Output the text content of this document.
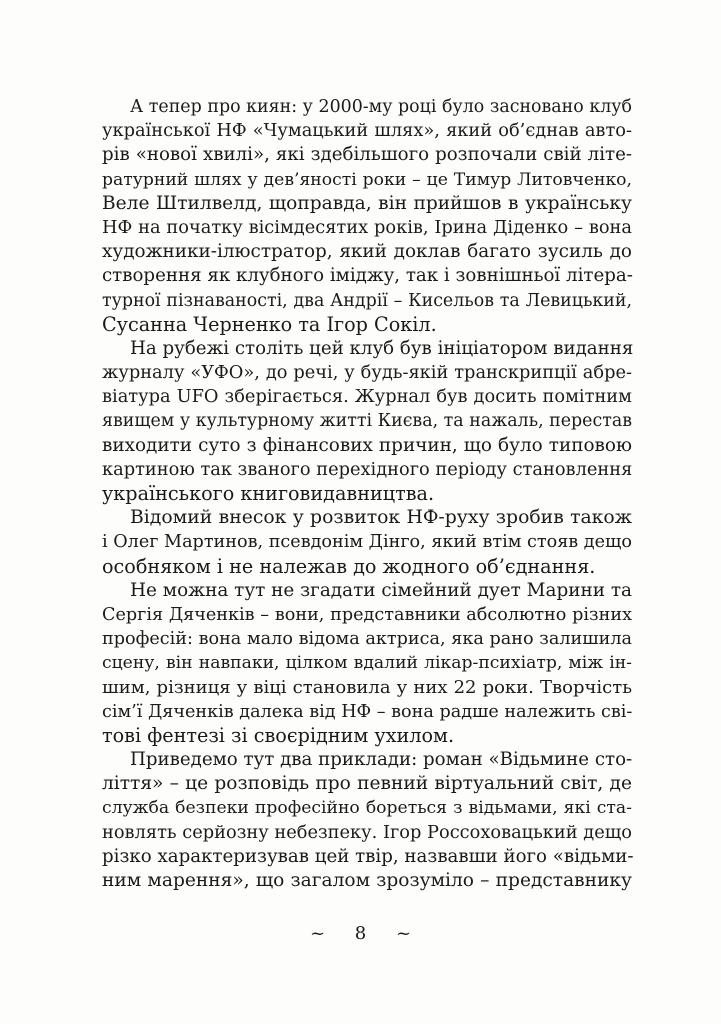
А тепер про киян: у 2000-му році було засновано клуб
української НФ «Чумацький шлях», який об’єднав авто-
рів «нової хвилі», які здебільшого розпочали свій літе-
ратурний шлях у дев’яності роки – це Тимур Литовченко,
Веле Штилвелд, щоправда, він прийшов в українську
НФ на початку вісімдесятих років, Ірина Діденко – вона
художники-ілюстратор, який доклав багато зусиль до
створення як клубного іміджу, так і зовнішньої літера-
турної пізнаваності, два Андрії – Кисельов та Левицький,
Сусанна Черненко та Ігор Сокіл.
На рубежі століть цей клуб був ініціатором видання
журналу «УФО», до речі, у будь-якій транскрипції абре-
віатура UFO зберігається. Журнал був досить помітним
явищем у культурному житті Києва, та нажаль, перестав
виходити суто з фінансових причин, що було типовою
картиною так званого перехідного періоду становлення
українського книговидавництва.
Відомий внесок у розвиток НФ-руху зробив також
і Олег Мартинов, псевдонім Дінго, який втім стояв дещо
особняком і не належав до жодного об’єднання.
Не можна тут не згадати сімейний дует Марини та
Сергія Дяченків – вони, представники абсолютно різних
професій: вона мало відома актриса, яка рано залишила
сцену, він навпаки, цілком вдалий лікар-психіатр, між ін-
шим, різниця у віці становила у них 22 роки. Творчість
сім’ї Дяченків далека від НФ – вона радше належить сві-
тові фентезі зі своєрідним ухилом.
Приведемо тут два приклади: роман «Відьмине сто-
ліття» – це розповідь про певний віртуальний світ, де
служба безпеки професійно бореться з відьмами, які ста-
новлять серйозну небезпеку. Ігор Россоховацький дещо
різко характеризував цей твір, назвавши його «відьми-
ним марення», що загалом зрозуміло – представнику
~ 8 ~
